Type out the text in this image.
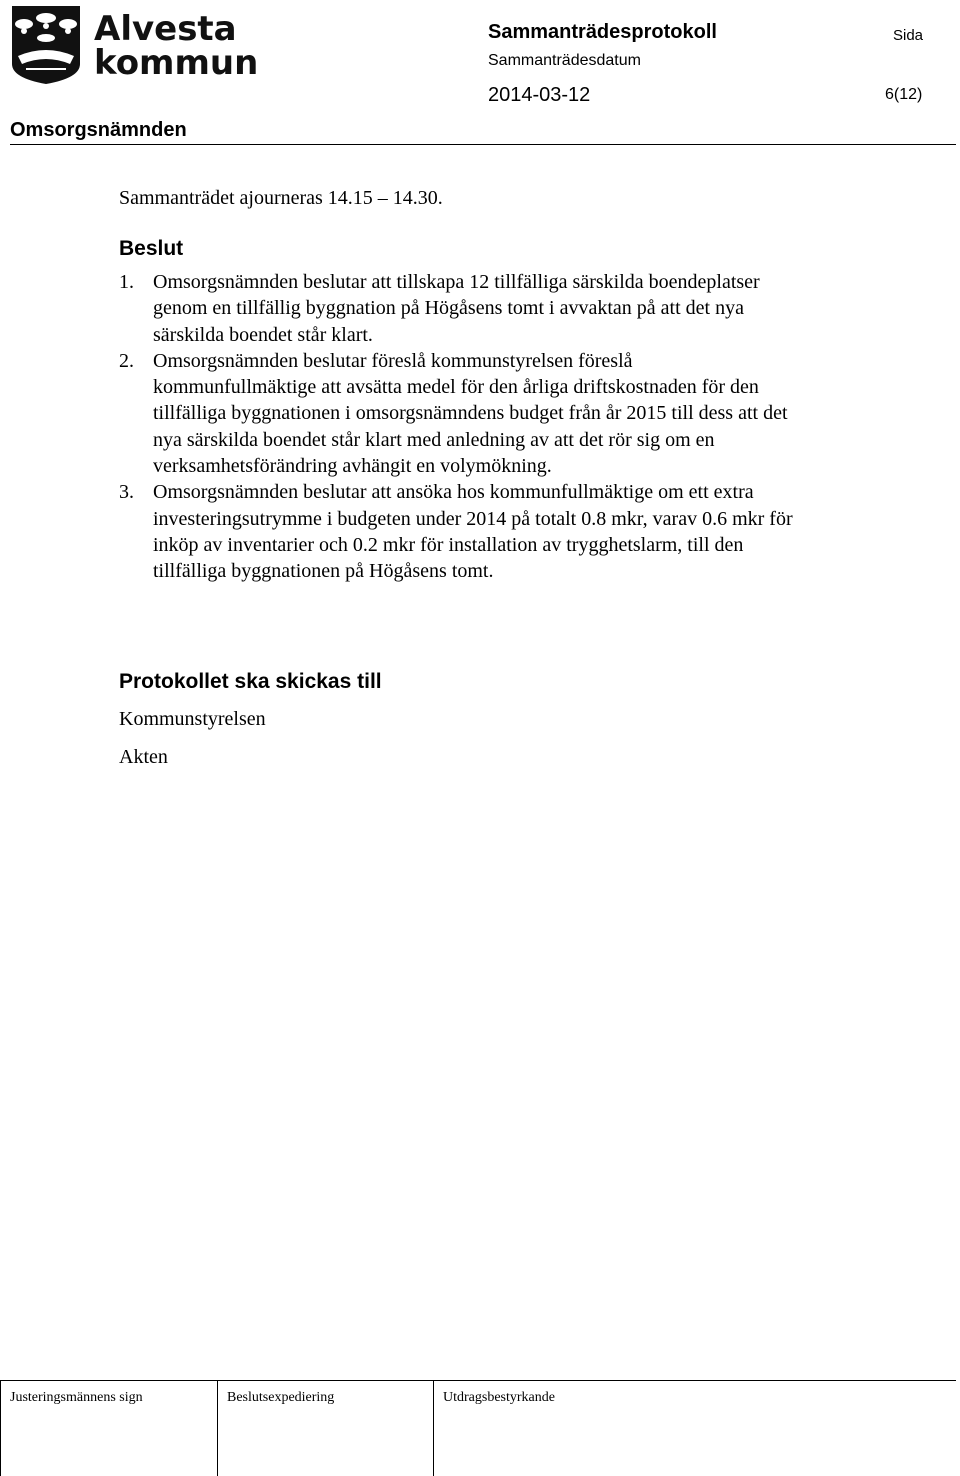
Alvesta
kommun
Sammanträdesprotokoll	Sida
Sammanträdesdatum
2014-03-12	6(12)
Omsorgsnämnden
Sammanträdet ajourneras 14.15 – 14.30.
Beslut
1. Omsorgsnämnden beslutar att tillskapa 12 tillfälliga särskilda boendeplatser genom en tillfällig byggnation på Högåsens tomt i avvaktan på att det nya särskilda boendet står klart.
2. Omsorgsnämnden beslutar föreslå kommunstyrelsen föreslå kommunfullmäktige att avsätta medel för den årliga driftskostnaden för den tillfälliga byggnationen i omsorgsnämndens budget från år 2015 till dess att det nya särskilda boendet står klart med anledning av att det rör sig om en verksamhetsförändring avhängit en volymökning.
3. Omsorgsnämnden beslutar att ansöka hos kommunfullmäktige om ett extra investeringsutrymme i budgeten under 2014 på totalt 0.8 mkr, varav 0.6 mkr för inköp av inventarier och 0.2 mkr för installation av trygghetslarm, till den tillfälliga byggnationen på Högåsens tomt.
Protokollet ska skickas till
Kommunstyrelsen
Akten
Justeringsmännens sign	Beslutsexpediering	Utdragsbestyrkande
